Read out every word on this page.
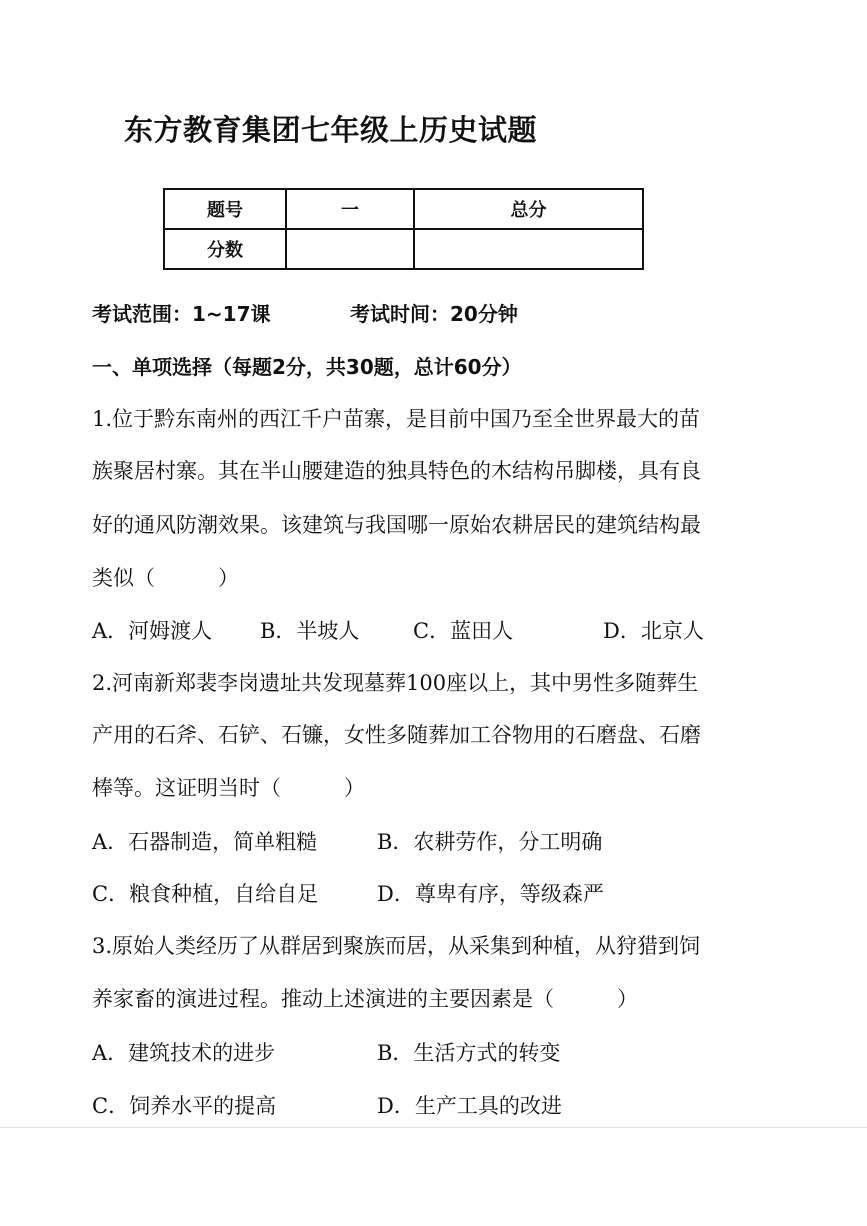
东方教育集团七年级上历史试题
题号	一	总分
分数		
考试范围：1~17课	考试时间：20分钟
一、单项选择（每题2分，共30题，总计60分）
1.位于黔东南州的西江千户苗寨，是目前中国乃至全世界最大的苗
族聚居村寨。其在半山腰建造的独具特色的木结构吊脚楼，具有良
好的通风防潮效果。该建筑与我国哪一原始农耕居民的建筑结构最
类似（　　　）
A．河姆渡人 B．半坡人	C．蓝田人	D．北京人
2.河南新郑裴李岗遗址共发现墓葬100座以上，其中男性多随葬生
产用的石斧、石铲、石镰，女性多随葬加工谷物用的石磨盘、石磨
棒等。这证明当时（　　　）
A．石器制造，简单粗糙	B．农耕劳作，分工明确
C．粮食种植，自给自足	D．尊卑有序，等级森严
3.原始人类经历了从群居到聚族而居，从采集到种植，从狩猎到饲
养家畜的演进过程。推动上述演进的主要因素是（　　　）
A．建筑技术的进步	B．生活方式的转变
C．饲养水平的提高	D．生产工具的改进
